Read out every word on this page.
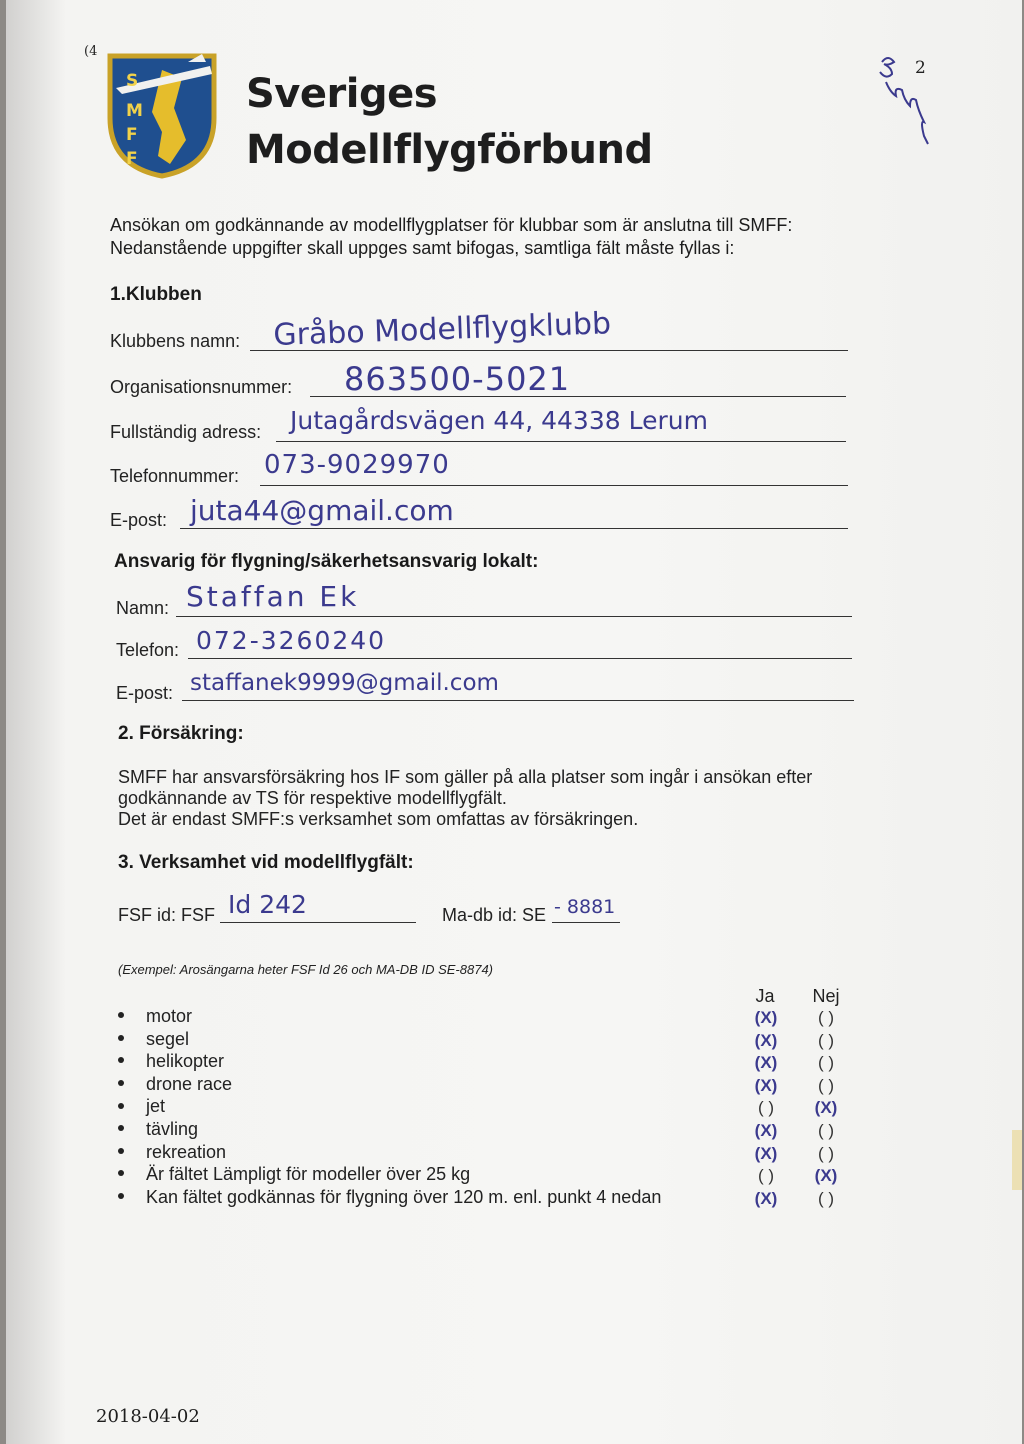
(4
S
M
F
F
Sveriges
Modellflygförbund
2
Ansökan om godkännande av modellflygplatser för klubbar som är anslutna till SMFF:
Nedanstående uppgifter skall uppges samt bifogas, samtliga fält måste fyllas i:
1.Klubben
Klubbens namn: Gråbo Modellflygklubb
Organisationsnummer: 863500-5021
Fullständig adress: Jutagårdsvägen 44, 44338 Lerum
Telefonnummer: 073-9029970
E-post: juta44@gmail.com
Ansvarig för flygning/säkerhetsansvarig lokalt:
Namn: Staffan Ek
Telefon: 072-3260240
E-post: staffanek9999@gmail.com
2. Försäkring:
SMFF har ansvarsförsäkring hos IF som gäller på alla platser som ingår i ansökan efter
godkännande av TS för respektive modellflygfält.
Det är endast SMFF:s verksamhet som omfattas av försäkringen.
3. Verksamhet vid modellflygfält:
FSF id: FSF Id 242	Ma-db id: SE - 8881
(Exempel: Arosängarna heter FSF Id 26 och MA-DB ID SE-8874)
Ja	Nej
motor	(X)	( )
segel	(X)	( )
helikopter	(X)	( )
drone race	(X)	( )
jet	( )	(X)
tävling	(X)	( )
rekreation	(X)	( )
Är fältet Lämpligt för modeller över 25 kg	( )	(X)
Kan fältet godkännas för flygning över 120 m. enl. punkt 4 nedan	(X)	( )
2018-04-02
